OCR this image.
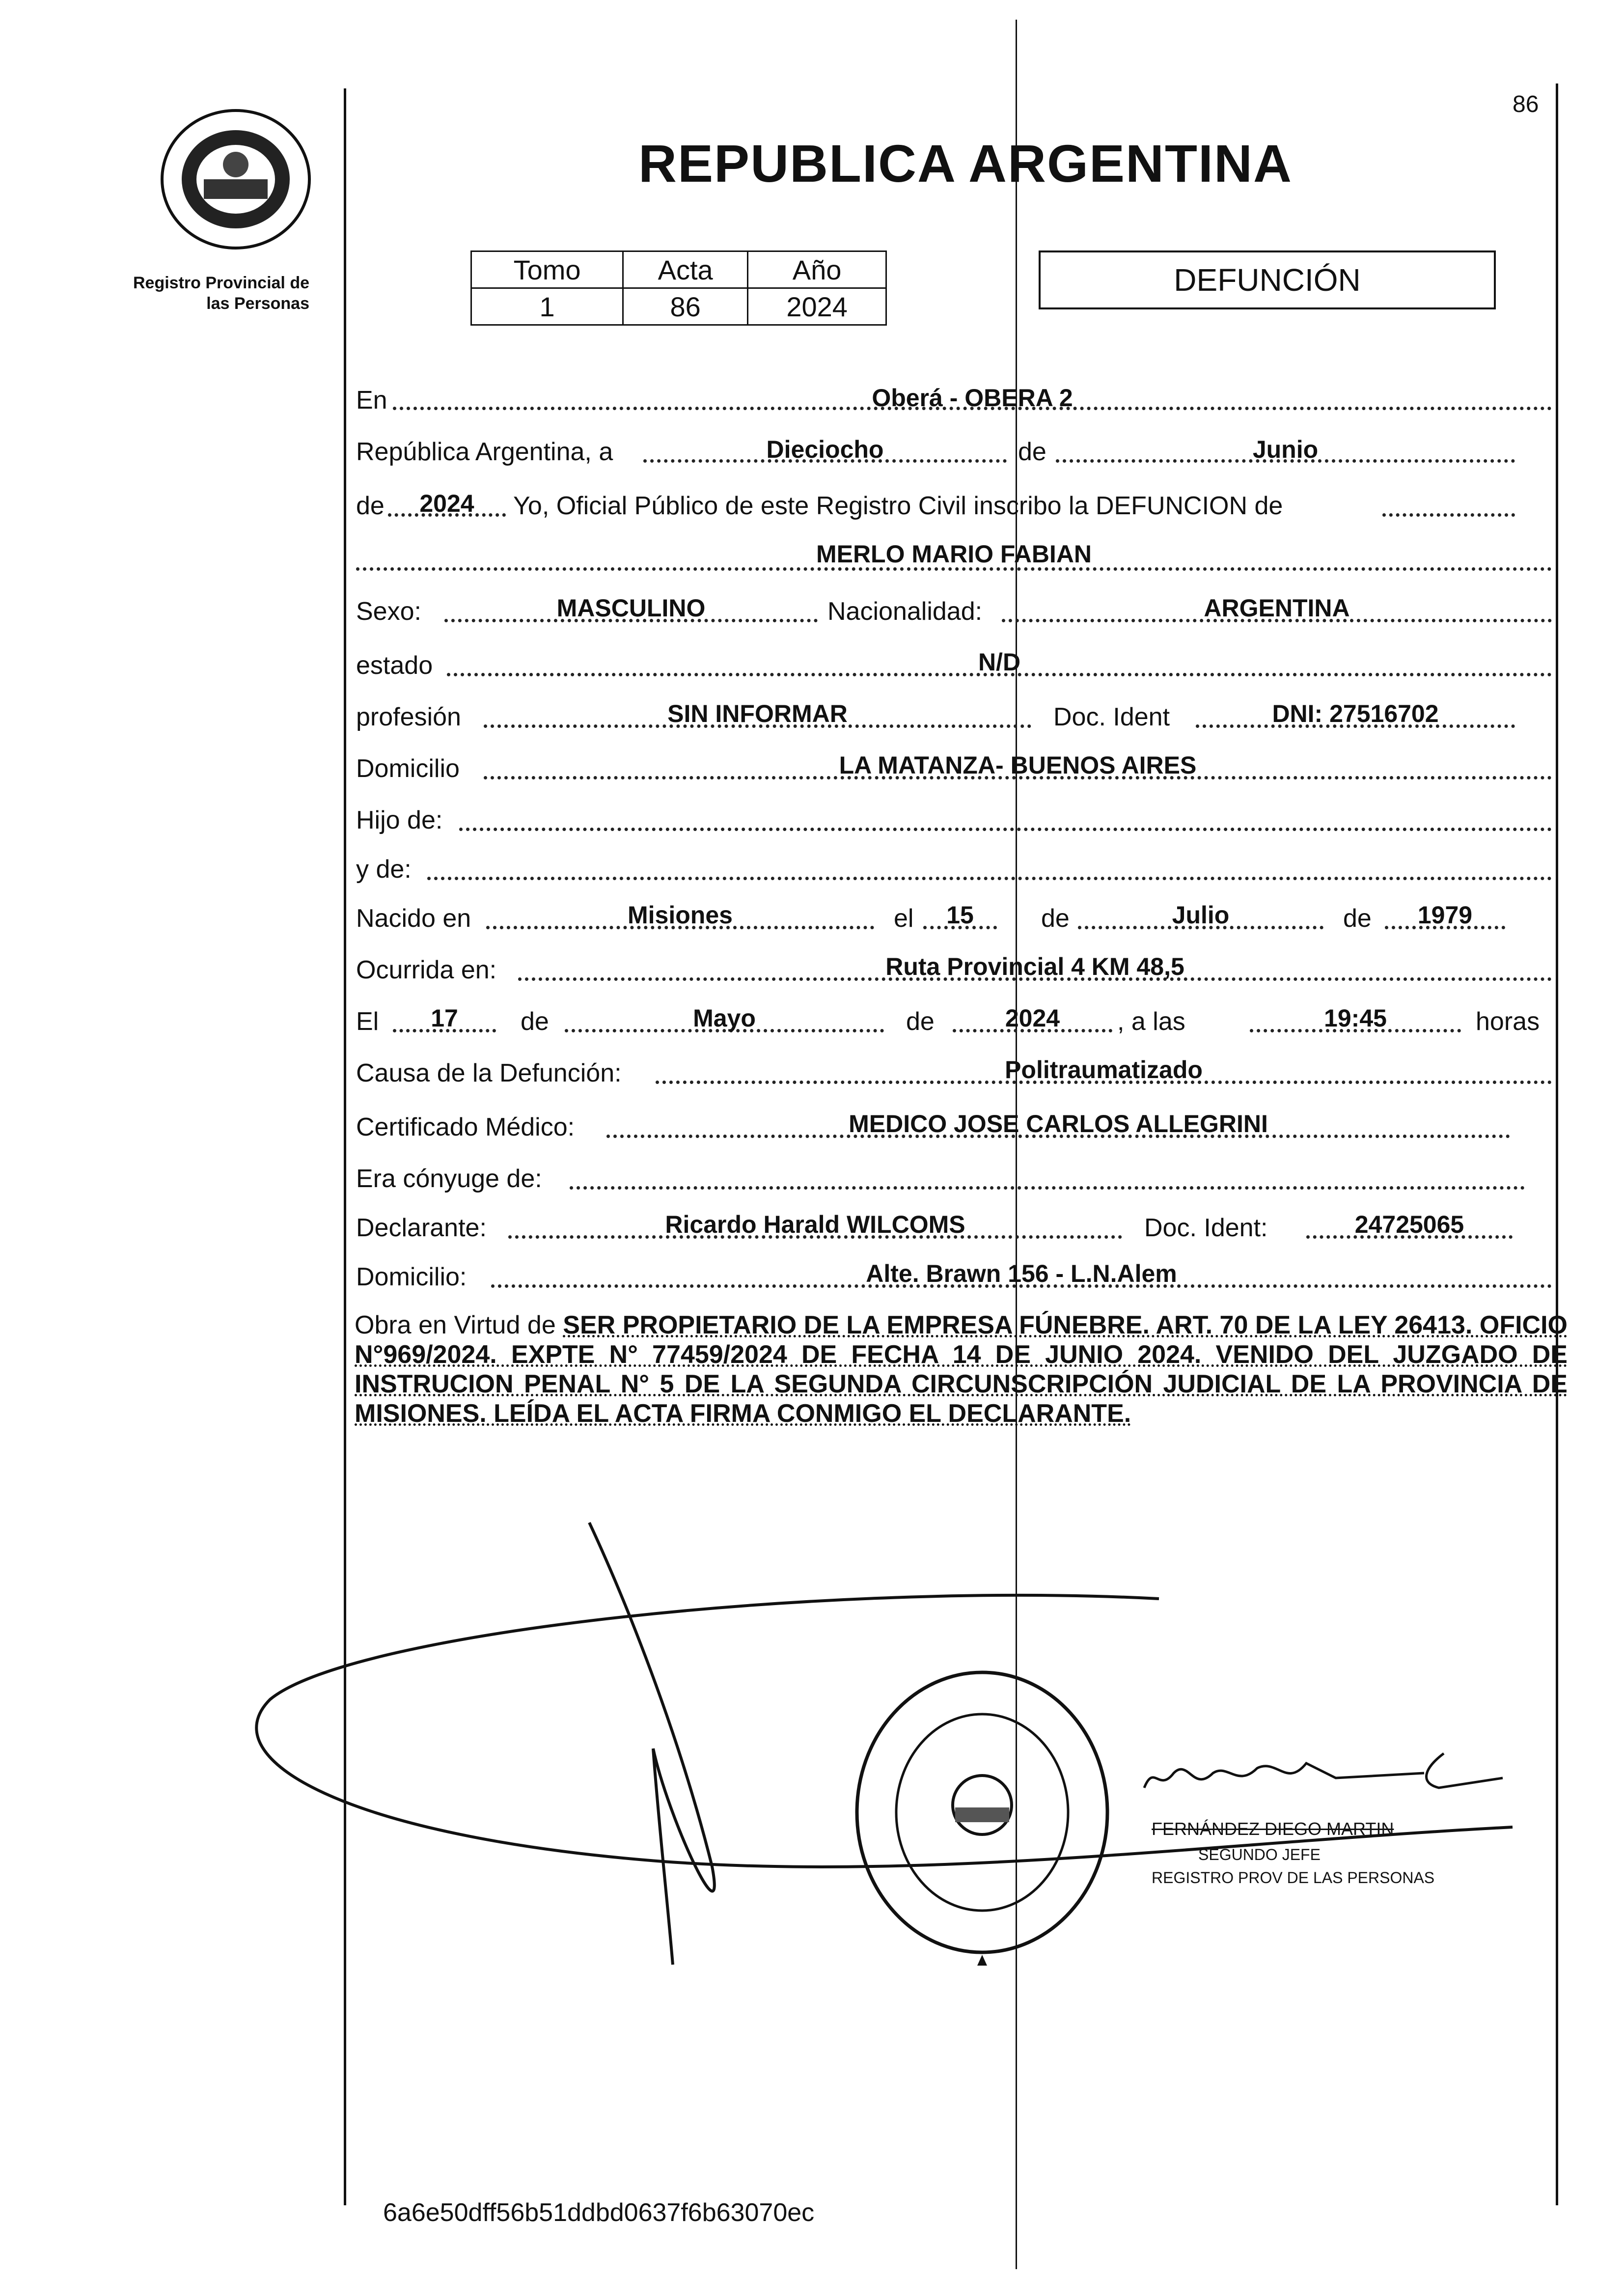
Registro Provincial de
las Personas
86
REPUBLICA ARGENTINA
Tomo	Acta	Año
1	86	2024
DEFUNCIÓN
En	Oberá - OBERA 2
República Argentina, a	Dieciocho	de	Junio
de	2024	Yo, Oficial Público de este Registro Civil inscribo la DEFUNCION de
MERLO MARIO FABIAN
Sexo:	MASCULINO	Nacionalidad:	ARGENTINA
estado	N/D
profesión	SIN INFORMAR	Doc. Ident	DNI: 27516702
Domicilio	LA MATANZA- BUENOS AIRES
Hijo de:
y de:
Nacido en	Misiones	el	15	de	Julio	de	1979
Ocurrida en:	Ruta Provincial 4 KM 48,5
El	17	de	Mayo	de	2024	, a las	19:45	horas
Causa de la Defunción:	Politraumatizado
Certificado Médico:	MEDICO JOSE CARLOS ALLEGRINI
Era cónyuge de:
Declarante:	Ricardo Harald WILCOMS	Doc. Ident:	24725065
Domicilio:	Alte. Brawn 156 - L.N.Alem
Obra en Virtud de SER PROPIETARIO DE LA EMPRESA FÚNEBRE. ART. 70 DE LA LEY 26413. OFICIO N°969/2024. EXPTE N° 77459/2024 DE FECHA 14 DE JUNIO 2024. VENIDO DEL JUZGADO DE INSTRUCION PENAL N° 5 DE LA SEGUNDA CIRCUNSCRIPCIÓN JUDICIAL DE LA PROVINCIA DE MISIONES. LEÍDA EL ACTA FIRMA CONMIGO EL DECLARANTE.
FERNÁNDEZ DIEGO MARTIN
SEGUNDO JEFE
REGISTRO PROV DE LAS PERSONAS
6a6e50dff56b51ddbd0637f6b63070ec
